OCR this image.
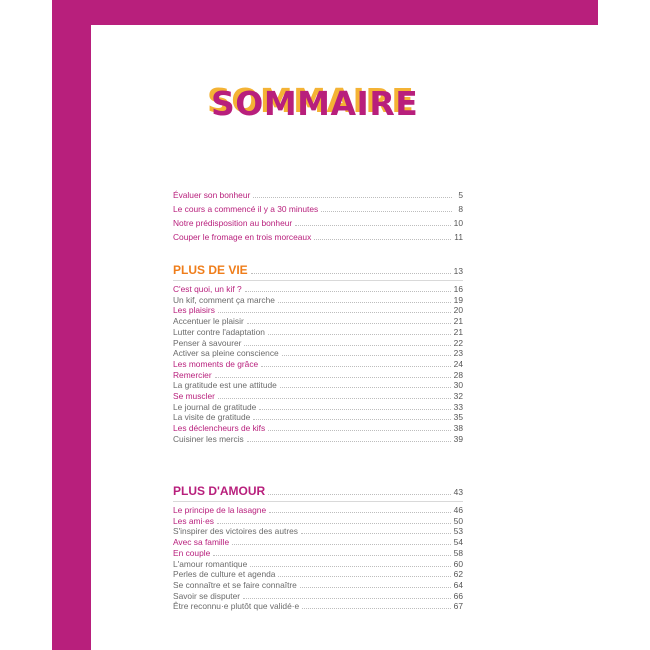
SOMMAIRE
Évaluer son bonheur	5
Le cours a commencé il y a 30 minutes	8
Notre prédisposition au bonheur	10
Couper le fromage en trois morceaux	11
PLUS DE VIE	13
C'est quoi, un kif ?	16
Un kif, comment ça marche	19
Les plaisirs	20
Accentuer le plaisir	21
Lutter contre l'adaptation	21
Penser à savourer	22
Activer sa pleine conscience	23
Les moments de grâce	24
Remercier	28
La gratitude est une attitude	30
Se muscler	32
Le journal de gratitude	33
La visite de gratitude	35
Les déclencheurs de kifs	38
Cuisiner les mercis	39
PLUS D'AMOUR	43
Le principe de la lasagne	46
Les ami·es	50
S'inspirer des victoires des autres	53
Avec sa famille	54
En couple	58
L'amour romantique	60
Perles de culture et agenda	62
Se connaître et se faire connaître	64
Savoir se disputer	66
Être reconnu·e plutôt que validé·e	67
